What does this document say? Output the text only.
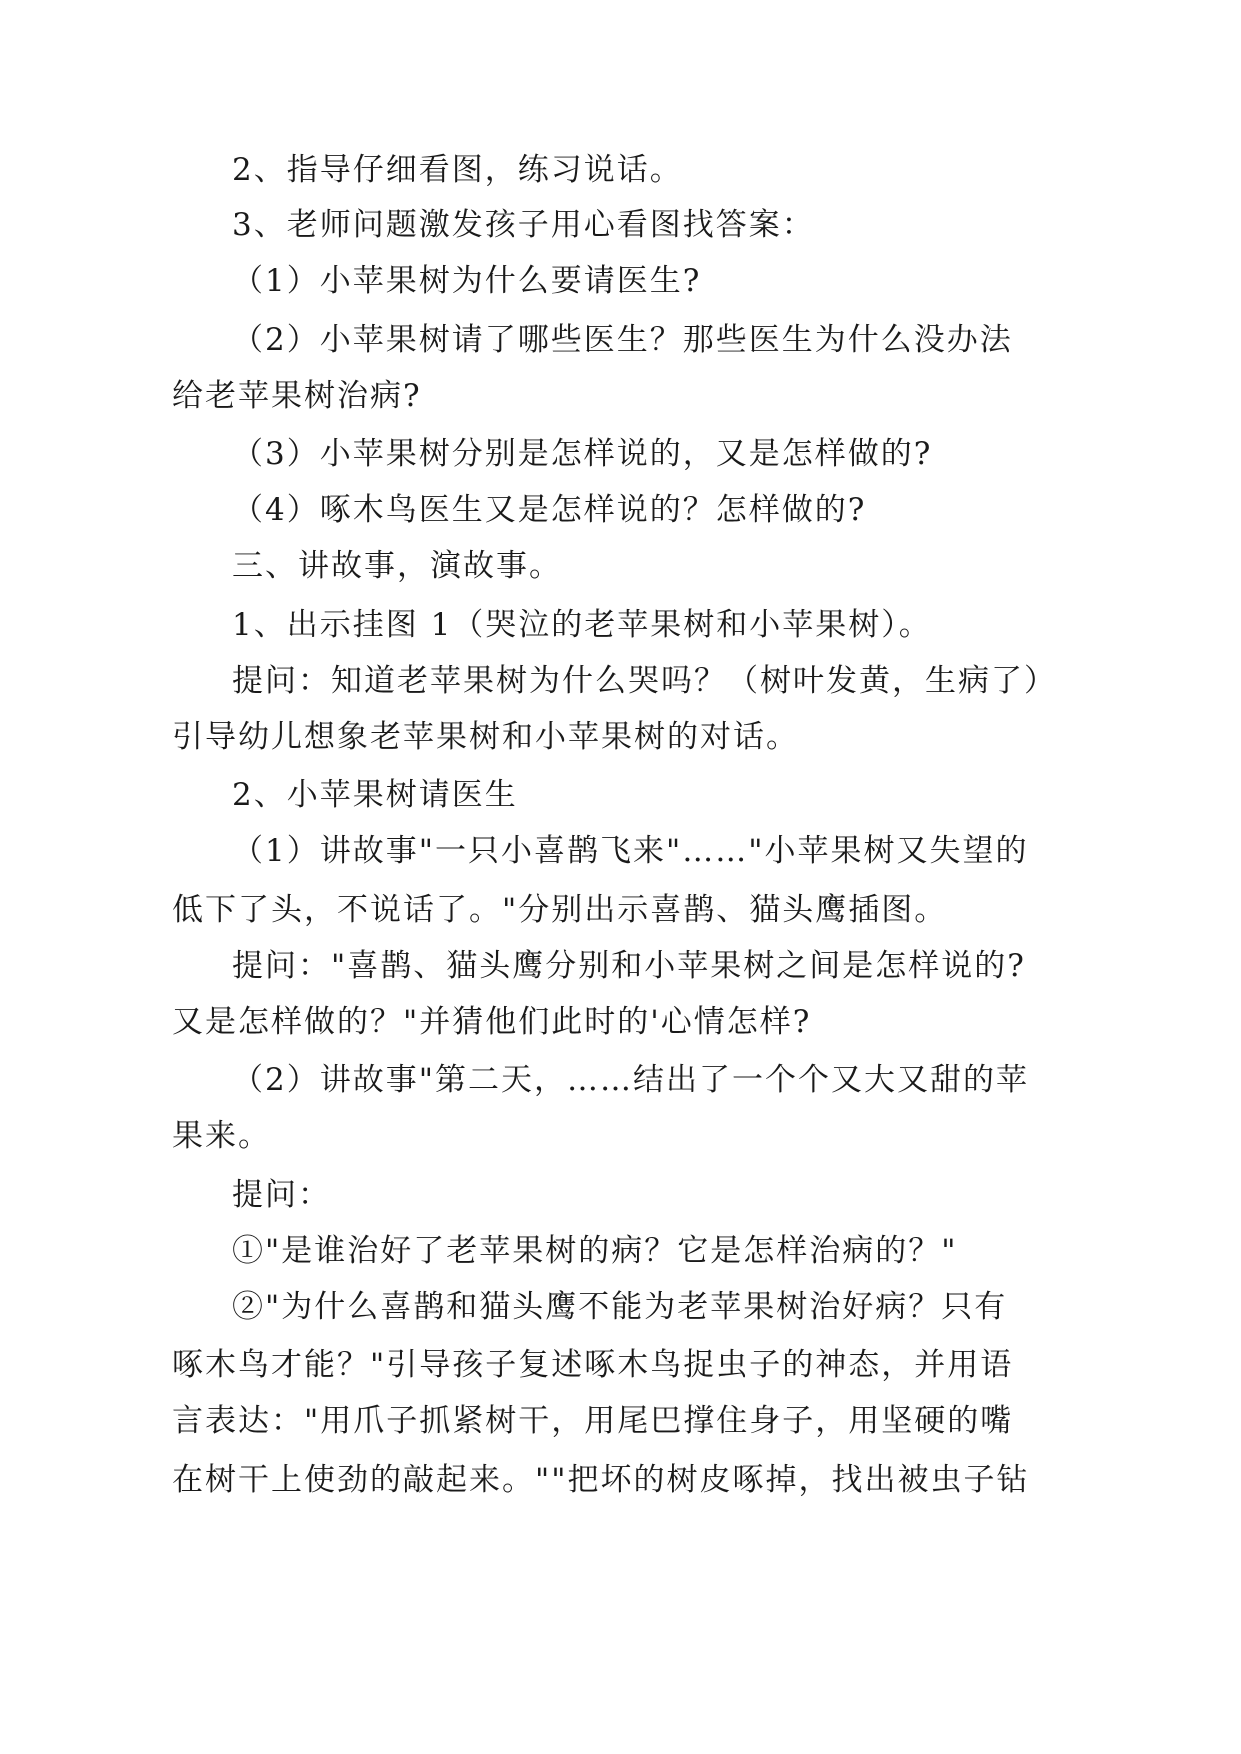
2、指导仔细看图，练习说话。

3、老师问题激发孩子用心看图找答案：

（1）小苹果树为什么要请医生?

（2）小苹果树请了哪些医生？那些医生为什么没办法

给老苹果树治病?

（3）小苹果树分别是怎样说的，又是怎样做的?

（4）啄木鸟医生又是怎样说的？怎样做的?

三、讲故事，演故事。

1、出示挂图 1（哭泣的老苹果树和小苹果树）。

提问：知道老苹果树为什么哭吗？（树叶发黄，生病了）

引导幼儿想象老苹果树和小苹果树的对话。

2、小苹果树请医生

（1）讲故事"一只小喜鹊飞来"……"小苹果树又失望的

低下了头，不说话了。"分别出示喜鹊、猫头鹰插图。

提问："喜鹊、猫头鹰分别和小苹果树之间是怎样说的?

又是怎样做的？"并猜他们此时的'心情怎样?

（2）讲故事"第二天，……结出了一个个又大又甜的苹

果来。

提问：

①"是谁治好了老苹果树的病？它是怎样治病的？"

②"为什么喜鹊和猫头鹰不能为老苹果树治好病？只有

啄木鸟才能？"引导孩子复述啄木鸟捉虫子的神态，并用语

言表达："用爪子抓紧树干，用尾巴撑住身子，用坚硬的嘴

在树干上使劲的敲起来。""把坏的树皮啄掉，找出被虫子钻
